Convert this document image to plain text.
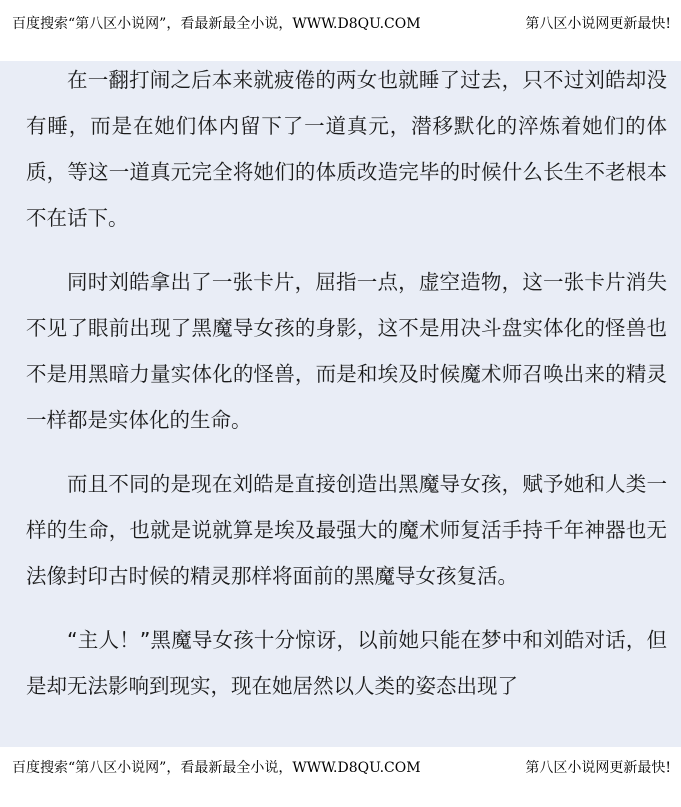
百度搜索“第八区小说网”，看最新最全小说，WWW.D8QU.COM	第八区小说网更新最快!

在一翻打闹之后本来就疲倦的两女也就睡了过去，只不过刘皓却没有睡，而是在她们体内留下了一道真元，潜移默化的淬炼着她们的体质，等这一道真元完全将她们的体质改造完毕的时候什么长生不老根本不在话下。

同时刘皓拿出了一张卡片，屈指一点，虚空造物，这一张卡片消失不见了眼前出现了黑魔导女孩的身影，这不是用决斗盘实体化的怪兽也不是用黑暗力量实体化的怪兽，而是和埃及时候魔术师召唤出来的精灵一样都是实体化的生命。

而且不同的是现在刘皓是直接创造出黑魔导女孩，赋予她和人类一样的生命，也就是说就算是埃及最强大的魔术师复活手持千年神器也无法像封印古时候的精灵那样将面前的黑魔导女孩复活。

“主人！”黑魔导女孩十分惊讶，以前她只能在梦中和刘皓对话，但是却无法影响到现实，现在她居然以人类的姿态出现了

百度搜索“第八区小说网”，看最新最全小说，WWW.D8QU.COM	第八区小说网更新最快!
